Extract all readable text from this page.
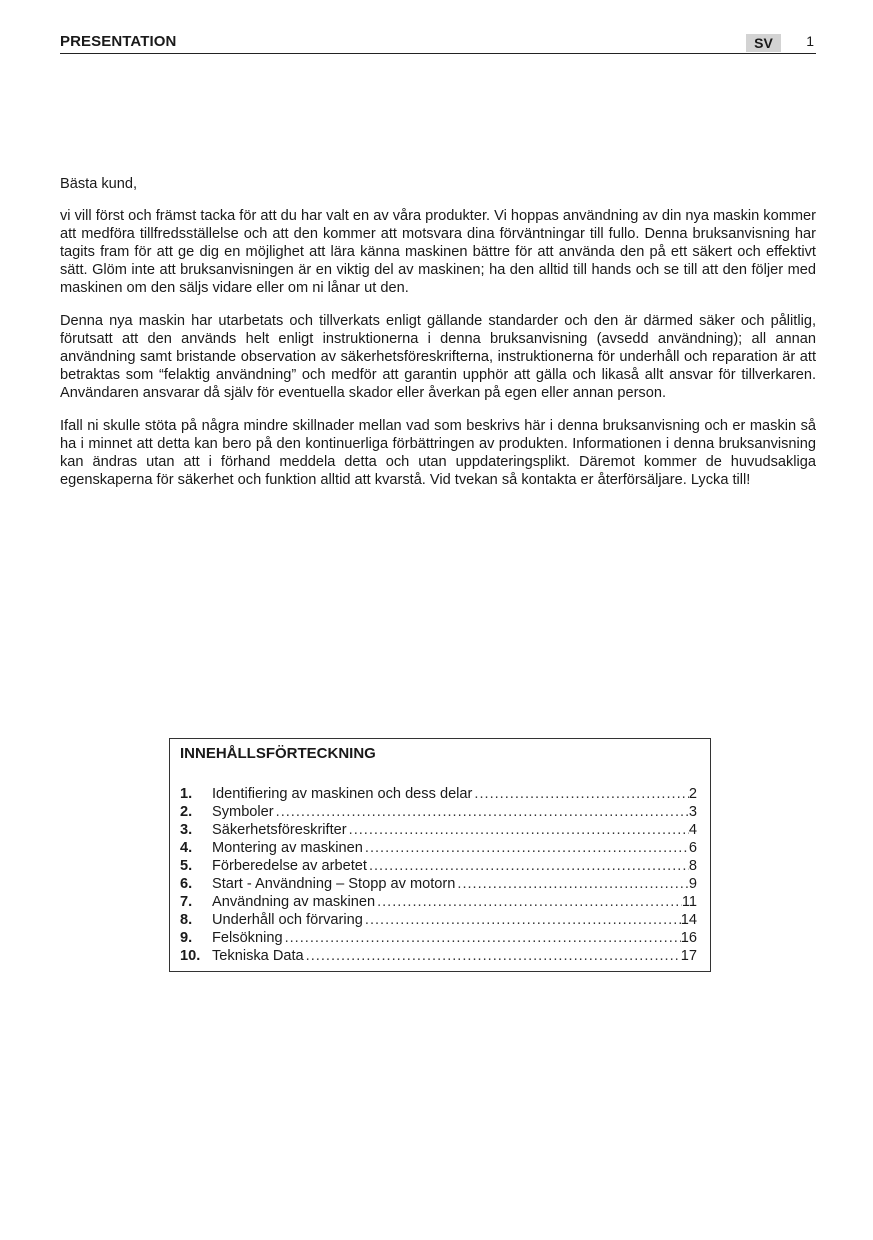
PRESENTATION	SV	1

Bästa kund,

vi vill först och främst tacka för att du har valt en av våra produkter. Vi hoppas användning av din nya maskin kommer att medföra tillfredsställelse och att den kommer att motsvara dina förväntningar till fullo. Denna bruksanvisning har tagits fram för att ge dig en möjlighet att lära känna maskinen bättre för att använda den på ett säkert och effektivt sätt. Glöm inte att bruksanvisningen är en viktig del av maskinen; ha den alltid till hands och se till att den följer med maskinen om den säljs vidare eller om ni lånar ut den.

Denna nya maskin har utarbetats och tillverkats enligt gällande standarder och den är därmed säker och pålitlig, förutsatt att den används helt enligt instruktionerna i denna bruksanvisning (avsedd användning); all annan användning samt bristande observation av säkerhetsföreskrifterna, instruktionerna för underhåll och reparation är att betraktas som “felaktig användning” och medför att garantin upphör att gälla och likaså allt ansvar för tillverkaren. Användaren ansvarar då själv för eventuella skador eller åverkan på egen eller annan person.

Ifall ni skulle stöta på några mindre skillnader mellan vad som beskrivs här i denna bruksanvisning och er maskin så ha i minnet att detta kan bero på den kontinuerliga förbättringen av produkten. Informationen i denna bruksanvisning kan ändras utan att i förhand meddela detta och utan uppdateringsplikt. Däremot kommer de huvudsakliga egenskaperna för säkerhet och funktion alltid att kvarstå. Vid tvekan så kontakta er återförsäljare. Lycka till!

INNEHÅLLSFÖRTECKNING
1.	Identifiering av maskinen och dess delar .....	2
2.	Symboler .....	3
3.	Säkerhetsföreskrifter .....	4
4.	Montering av maskinen .....	6
5.	Förberedelse av arbetet .....	8
6.	Start - Användning – Stopp av motorn .....	9
7.	Användning av maskinen .....	11
8.	Underhåll och förvaring .....	14
9.	Felsökning .....	16
10. Tekniska Data .....	17
